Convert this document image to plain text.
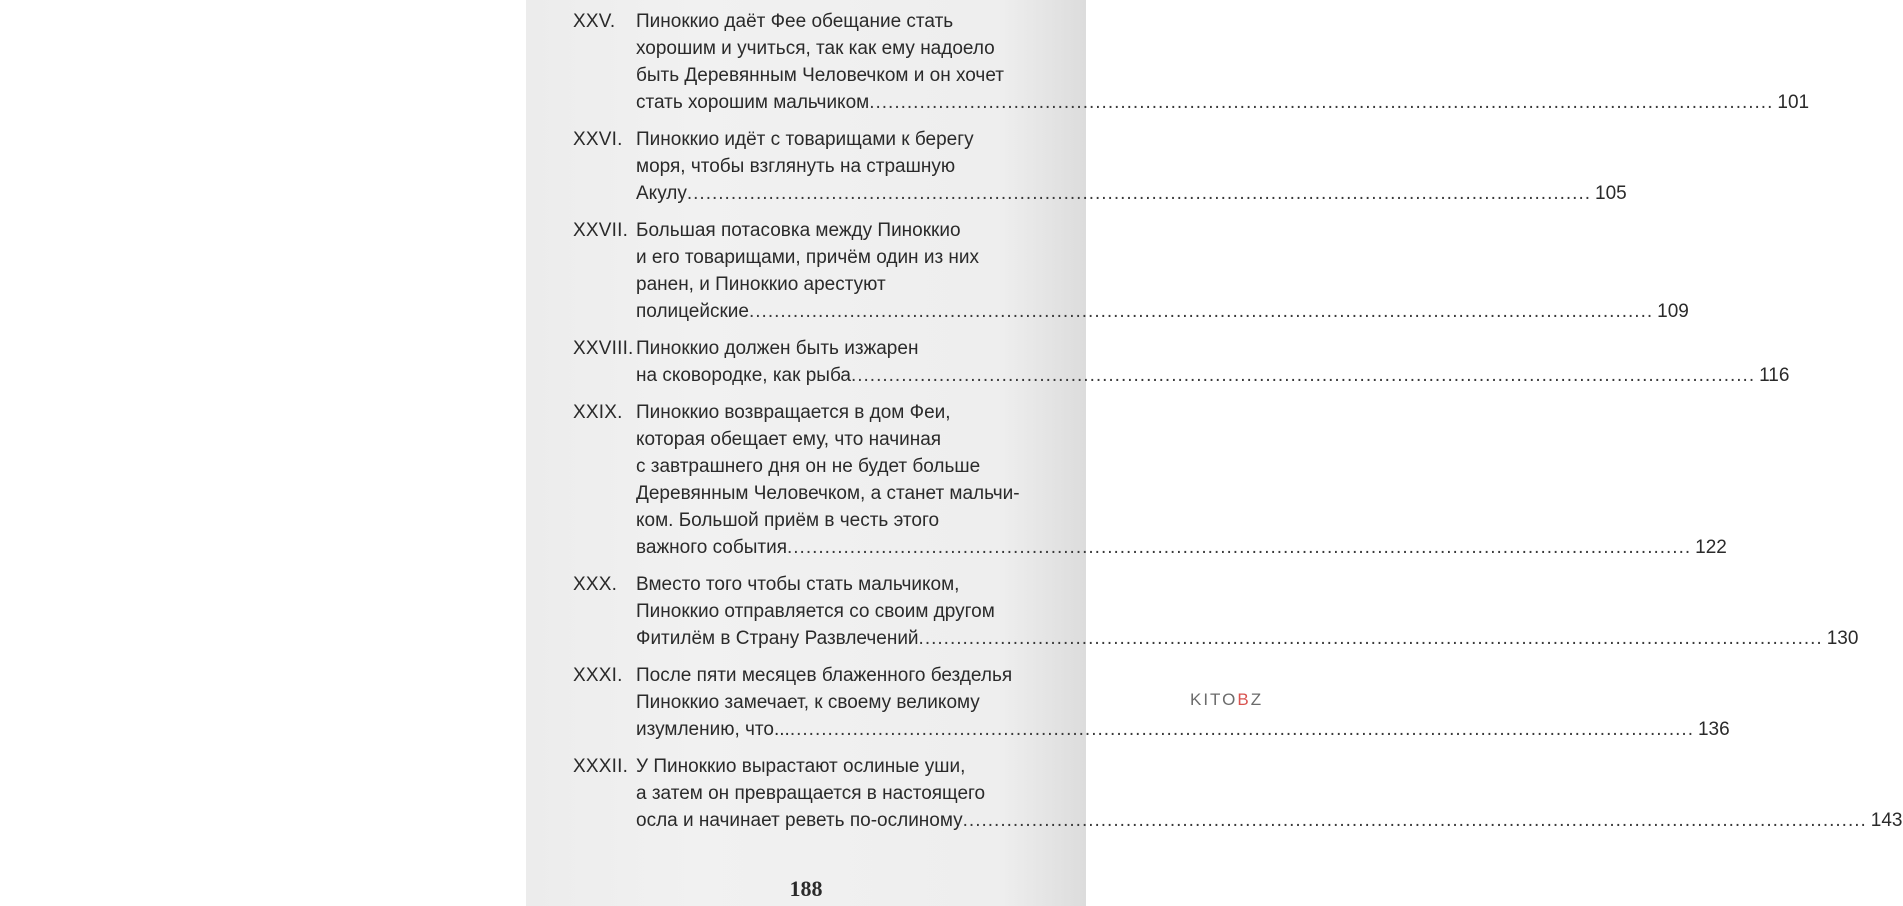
XXV.	Пиноккио даёт Фее обещание стать
хорошим и учиться, так как ему надоело
быть Деревянным Человечком и он хочет
стать хорошим мальчиком .....	101
XXVI. Пиноккио идёт с товарищами к берегу
моря, чтобы взглянуть на страшную
Акулу .....	105
XXVII. Большая потасовка между Пиноккио
и его товарищами, причём один из них
ранен, и Пиноккио арестуют
полицейские .....	109
XXVIII. Пиноккио должен быть изжарен
на сковородке, как рыба .....	116
XXIX. Пиноккио возвращается в дом Феи,
которая обещает ему, что начиная
с завтрашнего дня он не будет больше
Деревянным Человечком, а станет мальчи-
ком. Большой приём в честь этого
важного события .....	122
XXX. Вместо того чтобы стать мальчиком,
Пиноккио отправляется со своим другом
Фитилём в Страну Развлечений .....	130
XXXI. После пяти месяцев блаженного безделья
Пиноккио замечает, к своему великому
изумлению, что... .....	136
XXXII. У Пиноккио вырастают ослиные уши,
а затем он превращается в настоящего
осла и начинает реветь по-ослиному .....	143
188
KITOBZ
